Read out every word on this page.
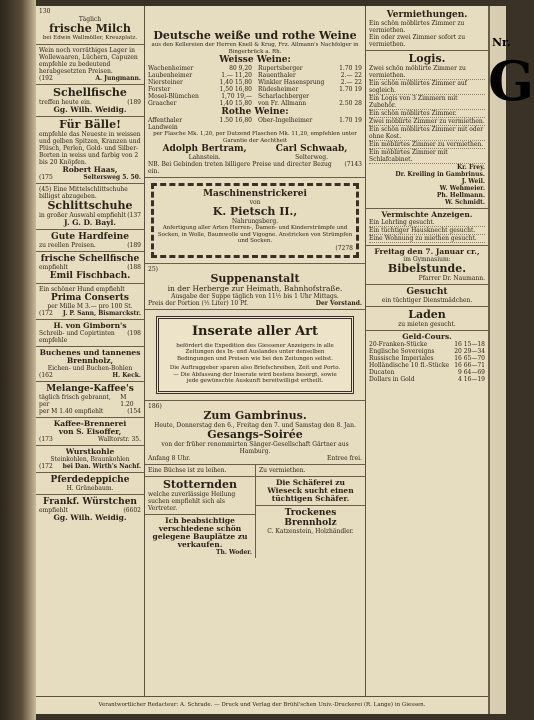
130
Täglich
frische Milch
bei Edwin Wallmöller, Kreuzplatz.
Wein noch vorräthiges Lager in Wollewaaren, Lüchern, Capuzen empfehle zu bedeutend herabgesetzten Preisen.
(192	A. Jungmann.
Schellfische
treffen heute ein.	(189
Gg. Wilh. Weidig.
Für Bälle!
empfehle das Neueste in weissen und gelben Spitzen, Kranzen und Plüsch, Perlen, Gold- und Silber-Borten in weiss und farbig von 2 bis 20 Knöpfen.
Robert Haas,
(175	Seltersweg 5. 50.
(45) Eine Mittelschlittschuhe billigst abzugeben.
Schlittschuhe
in großer Auswahl empfiehlt (137
J. G. D. Bayl.
Gute Hardfeine
zu reellen Preisen.	(189
frische Schellfische
empfiehlt	(188
Emil Fischbach.
Ein schöner Hund empfiehlt
Prima Conserts
per Mille M 3.— pro 100 St.
(172 J. P. Sann, Bismarckstr.
H. von Gimborn's
Schreib- und Copirtinten empfehle
(198
Buchenes und tannenes Brennholz,
Eichen- und Buchen-Bohlen
(162	H. Keck.
Melange-Kaffee's
täglich frisch gebrannt, per
M 1.20
per M 1.40 empfiehlt	(154
Kaffee-Brennerei
von S. Eisoffer,
(173	Walltorstr. 35.
Wurstkohle
Steinkohlen, Braunkohlen
(172 bei Dan. Wirth's Nachf.
Pferdedeppiche
H. Grünebaum.
Frankf. Würstchen
empfiehlt	(6602
Gg. Wilh. Weidig.
Deutsche weiße und rothe Weine
aus den Kellereien der Herren Knell & Krug, Frz. Allmann's Nachfolger in Bingerbrück a. Rh.
Weisse Weine:
Wachenheimer	80 9,20
Laubenheimer	1.— 11,20
Niersteiner	1,40 15,80
Forster	1,50 16,80
Mosel-Blümchen	1,70 19,—
Graacher	1,40 15,80
Rupertsberger	1.70 19
Rauenthaler	2.— 22
Winkler Hasensprung	2.— 22
Rüdesheimer	1.70 19
Scharlachberger
von Fr. Allmann	2.50 28
Rothe Weine:
Affenthaler	1.50 16,80
Landwein
Ober-Ingelheimer	1.70 19
per Flasche Mk. 1,20, per Dutzend Flaschen Mk. 11,20, empfehlen unter Garantie der Aechtheit
Adolph Bertram,
Lahnstein.
Carl Schwaab,
Selterweg.
NB. Bei Gebinden treten billigere Preise und directer Bezug ein.
(7143
Maschinenstrickerei
von
K. Pietsch II.,
Nahrungsberg.
Anfertigung aller Arten Herren-, Damen- und Kinderstrümpfe und Socken, in Wolle, Baumwolle und Vigogne. Anstricken von Strümpfen und Socken.
(7278
25)
Suppenanstalt
in der Herberge zur Heimath, Bahnhofstraße.
Ausgabe der Suppe täglich von 11½ bis 1 Uhr Mittags.
Preis der Portion (½ Liter) 10 Pf.	Der Vorstand.
Inserate aller Art
befördert die Expedition des Giessener Anzeigers in alle Zeitungen des In- und Auslandes unter denselben Bedingungen und Preisen wie bei den Zeitungen selbst.
Die Auftraggeber sparen also Briefschreiben, Zeit und Porto. — Die Abfassung der Inserate wird bestens besorgt, sowie jede gewünschte Auskunft bereitwilligst ertheilt.
186)
Zum Gambrinus.
Heute, Donnerstag den 6., Freitag den 7. und Samstag den 8. Jan.
Gesangs-Soirée
von der früher renommirten Sänger-Gesellschaft Gärtner aus Hamburg.
Anfang 8 Uhr.	Entree frei.
Eine Büchse ist zu leihen.
Stotternden
welche zuverlässige Heilung suchen empfiehlt sich als Vertreter.
Ich beabsichtige verschiedene schön gelegene Bauplätze zu verkaufen.
Th. Woder.
Zu vermiethen.
Die Schäferei zu Wieseck sucht einen tüchtigen Schäfer.
Trockenes Brennholz
C. Katzenstein, Holzhändler.
Vermiethungen.
Ein schön möblirtes Zimmer zu vermiethen.
Ein oder zwei Zimmer sofort zu vermiethen.
Logis.
Zwei schön möblirte Zimmer zu vermiethen.
Ein schön möblirtes Zimmer auf sogleich.
Ein Logis von 3 Zimmern mit Zubehör.
Ein schön möblirtes Zimmer.
Zwei möblirte Zimmer zu vermiethen.
Ein schön möblirtes Zimmer mit oder ohne Kost.
Ein möblirtes Zimmer zu vermiethen.
Ein möblirtes Zimmer mit Schlafcabinet.
Kr. Frey.
Dr. Kreiling in Gambrinus.
J. Weil.
W. Wehmeier.
Ph. Hellmann.
W. Schmidt.
Vermischte Anzeigen.
Ein Lehrling gesucht.
Ein tüchtiger Hausknecht gesucht.
Eine Wohnung zu miethen gesucht.
Freitag den 7. Januar cr.,
im Gymnasium:
Bibelstunde.
Pfarrer Dr. Naumann.
Gesucht
ein tüchtiger Dienstmädchen.
Laden
zu mieten gesucht.
Geld-Cours.
20-Franken-Stücke	16 15—18
Englische Sovereigns	20 29—34
Russische Imperiales	16 65—70
Holländische 10 fl.-Stücke 16 66—71
Ducaten	9 64—69
Dollars in Gold	4 16—19
Verantwortlicher Redacteur: A. Schrade. — Druck und Verlag der Brühl'schen Univ.-Druckerei (R. Lange) in Giessen.
Nr.
G
